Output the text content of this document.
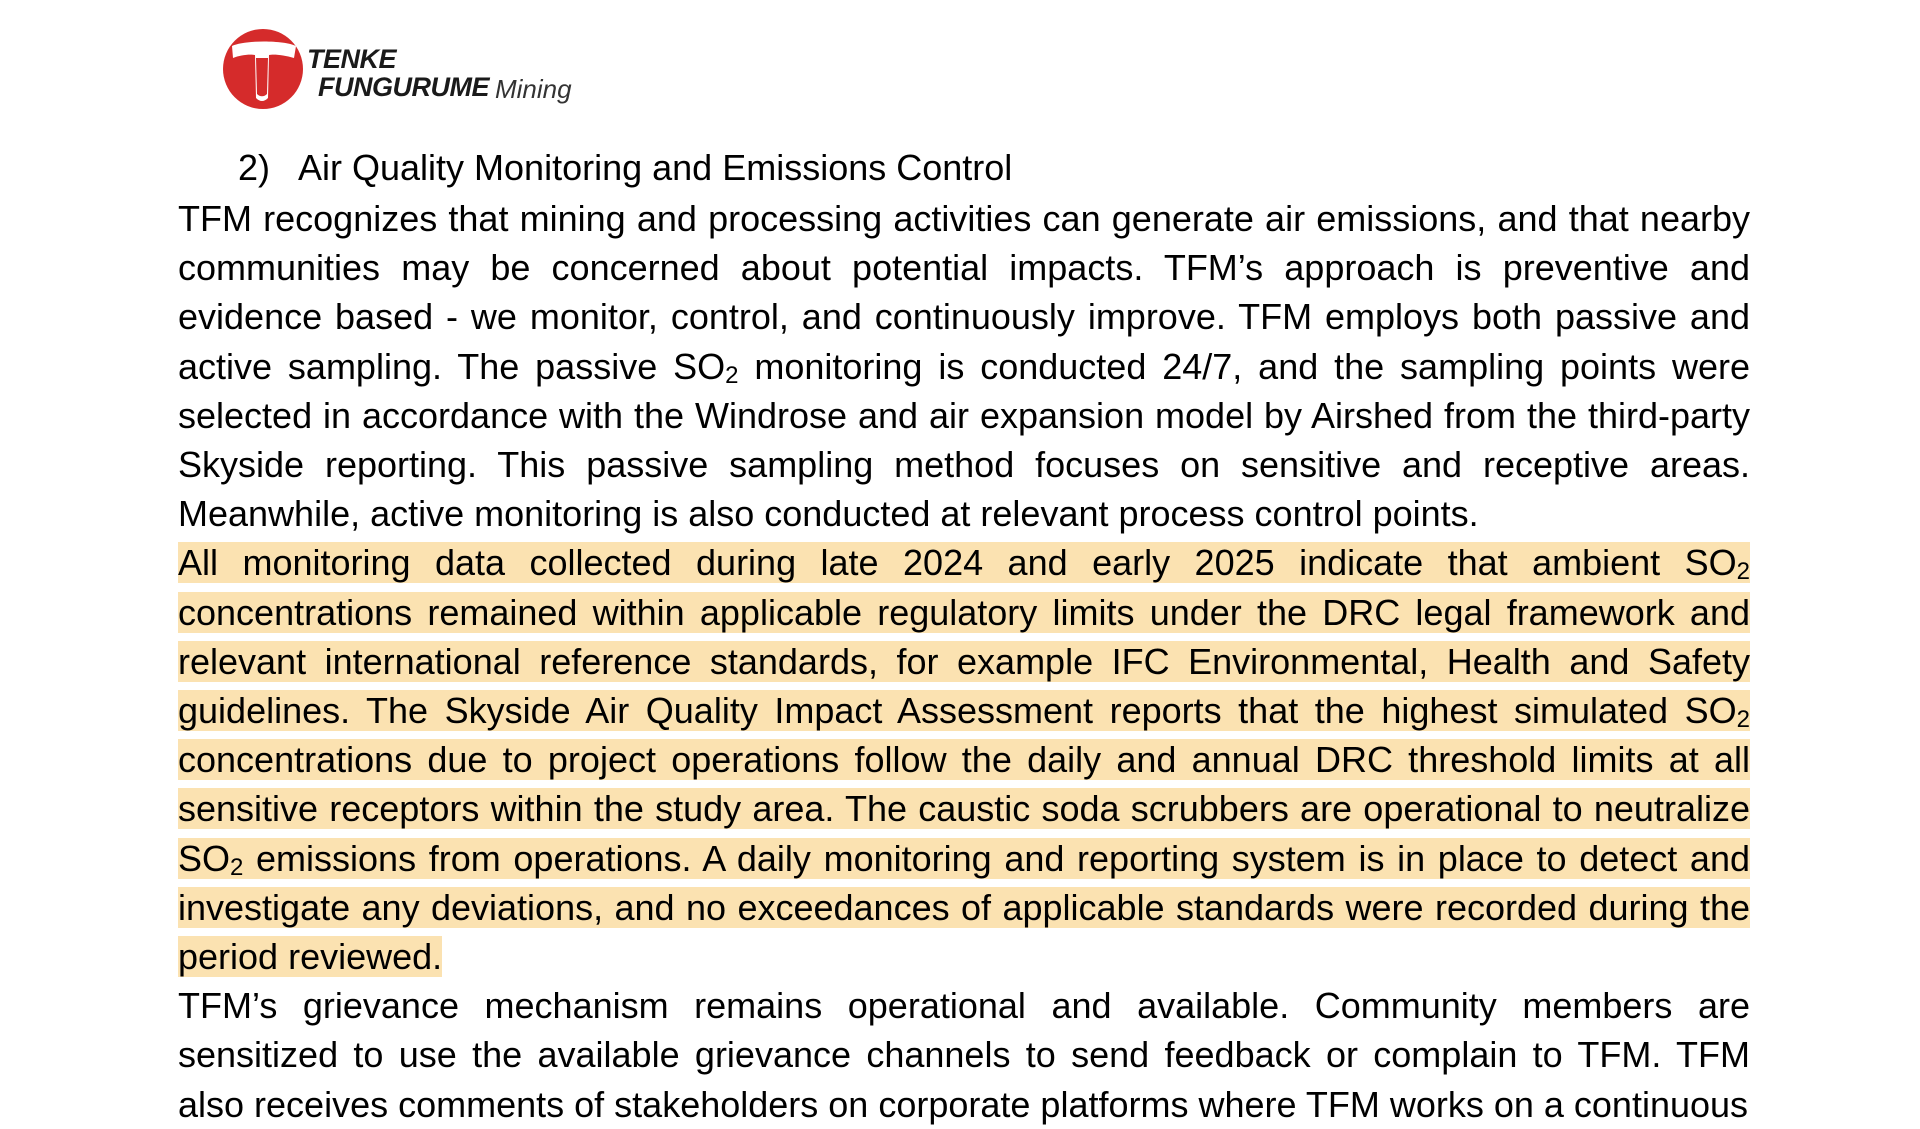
TENKE
FUNGURUME Mining
2) Air Quality Monitoring and Emissions Control

TFM recognizes that mining and processing activities can generate air emissions, and that nearby communities may be concerned about potential impacts. TFM’s approach is preventive and evidence based - we monitor, control, and continuously improve. TFM employs both passive and active sampling. The passive $SO_2$ monitoring is conducted 24/7, and the sampling points were selected in accordance with the Windrose and air expansion model by Airshed from the third-party Skyside reporting. This passive sampling method focuses on sensitive and receptive areas. Meanwhile, active monitoring is also conducted at relevant process control points.

All monitoring data collected during late 2024 and early 2025 indicate that ambient $SO_2$ concentrations remained within applicable regulatory limits under the DRC legal framework and relevant international reference standards, for example IFC Environmental, Health and Safety guidelines. The Skyside Air Quality Impact Assessment reports that the highest simulated $SO_2$ concentrations due to project operations follow the daily and annual DRC threshold limits at all sensitive receptors within the study area. The caustic soda scrubbers are operational to neutralize $SO_2$ emissions from operations. A daily monitoring and reporting system is in place to detect and investigate any deviations, and no exceedances of applicable standards were recorded during the period reviewed.

TFM’s grievance mechanism remains operational and available. Community members are sensitized to use the available grievance channels to send feedback or complain to TFM. TFM also receives comments of stakeholders on corporate platforms where TFM works on a continuous
